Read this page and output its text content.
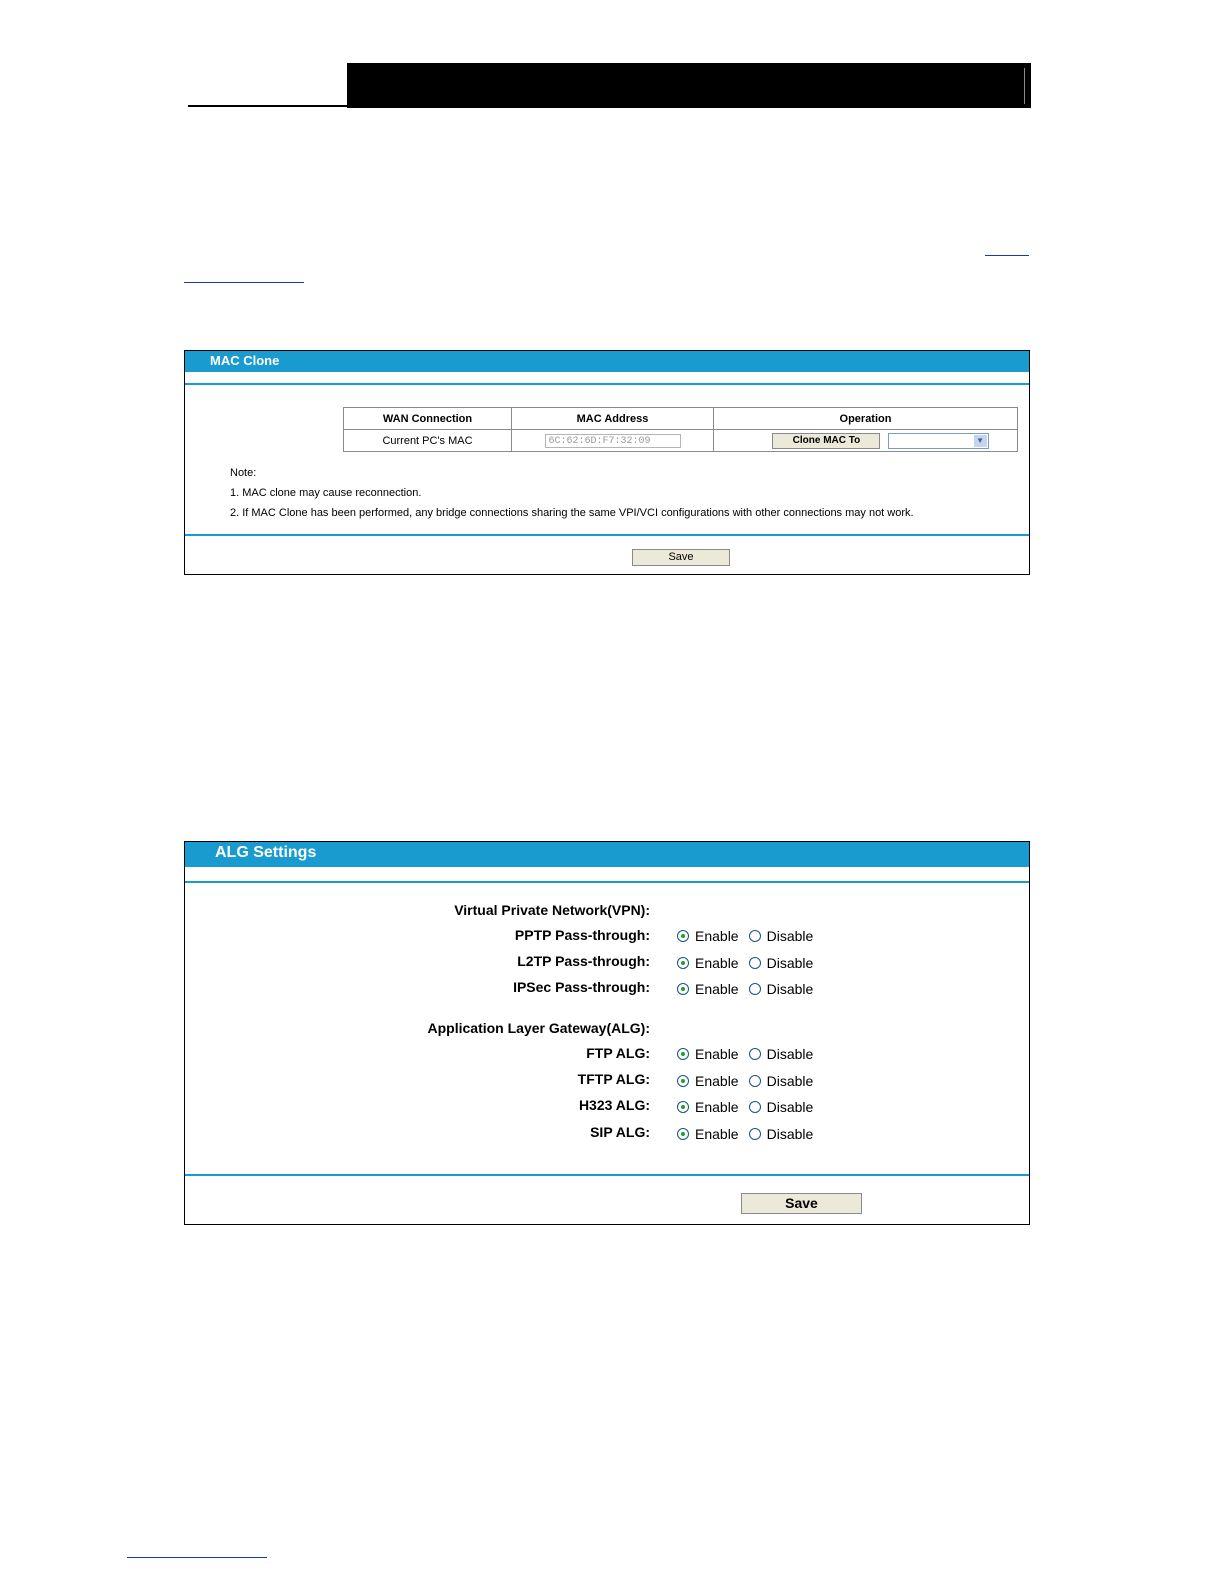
MAC Clone
WAN Connection	MAC Address	Operation
Current PC's MAC	6C:62:6D:F7:32:09	Clone MAC To ▼
Note:
1. MAC clone may cause reconnection.
2. If MAC Clone has been performed, any bridge connections sharing the same VPI/VCI configurations with other connections may not work.
Save
ALG Settings
Virtual Private Network(VPN):
PPTP Pass-through:	Enable Disable
L2TP Pass-through:	Enable Disable
IPSec Pass-through:	Enable Disable
Application Layer Gateway(ALG):
FTP ALG:	Enable Disable
TFTP ALG:	Enable Disable
H323 ALG:	Enable Disable
SIP ALG:	Enable Disable
Save
